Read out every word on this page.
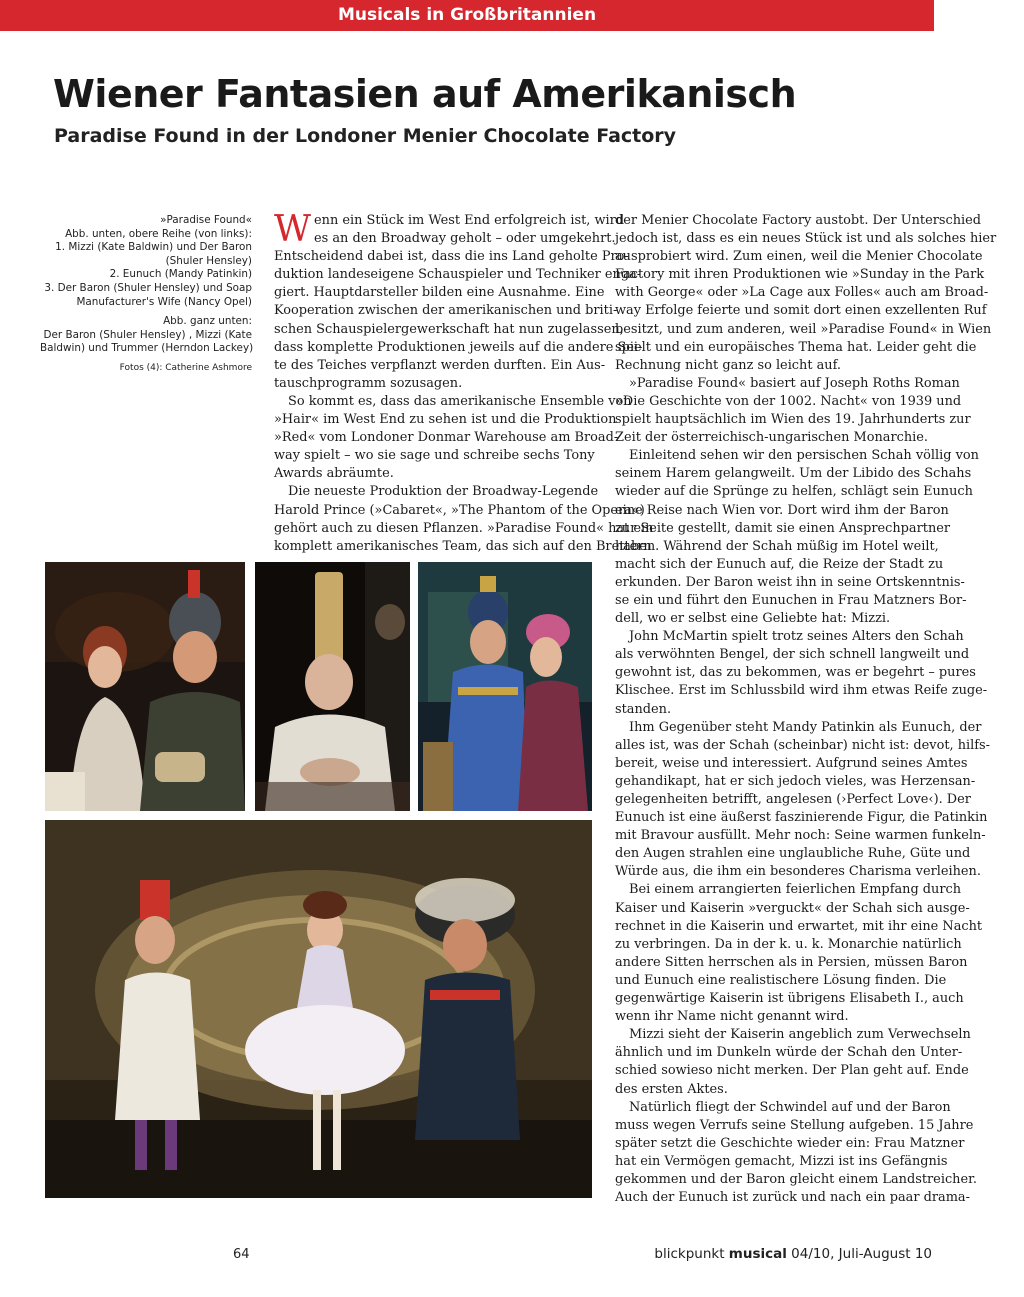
Musicals in Großbritannien
Wiener Fantasien auf Amerikanisch
Paradise Found in der Londoner Menier Chocolate Factory
»Paradise Found«
Abb. unten, obere Reihe (von links):
1. Mizzi (Kate Baldwin) und Der Baron
(Shuler Hensley)
2. Eunuch (Mandy Patinkin)
3. Der Baron (Shuler Hensley) und Soap
Manufacturer's Wife (Nancy Opel)
Abb. ganz unten:
Der Baron (Shuler Hensley) , Mizzi (Kate
Baldwin) und Trummer (Herndon Lackey)
Fotos (4): Catherine Ashmore
W enn ein Stück im West End erfolgreich ist, wird
es an den Broadway geholt – oder umgekehrt.
Entscheidend dabei ist, dass die ins Land geholte Pro-
duktion landeseigene Schauspieler und Techniker enga-
giert. Hauptdarsteller bilden eine Ausnahme. Eine
Kooperation zwischen der amerikanischen und briti-
schen Schauspielergewerkschaft hat nun zugelassen,
dass komplette Produktionen jeweils auf die andere Sei-
te des Teiches verpflanzt werden durften. Ein Aus-
tauschprogramm sozusagen.
So kommt es, dass das amerikanische Ensemble von
»Hair« im West End zu sehen ist und die Produktion
»Red« vom Londoner Donmar Warehouse am Broad-
way spielt – wo sie sage und schreibe sechs Tony
Awards abräumte.
Die neueste Produktion der Broadway-Legende
Harold Prince (»Cabaret«, »The Phantom of the Opera«)
gehört auch zu diesen Pflanzen. »Paradise Found« hat ein
komplett amerikanisches Team, das sich auf den Brettern
der Menier Chocolate Factory austobt. Der Unterschied
jedoch ist, dass es ein neues Stück ist und als solches hier
ausprobiert wird. Zum einen, weil die Menier Chocolate
Factory mit ihren Produktionen wie »Sunday in the Park
with George« oder »La Cage aux Folles« auch am Broad-
way Erfolge feierte und somit dort einen exzellenten Ruf
besitzt, und zum anderen, weil »Paradise Found« in Wien
spielt und ein europäisches Thema hat. Leider geht die
Rechnung nicht ganz so leicht auf.
»Paradise Found« basiert auf Joseph Roths Roman
»Die Geschichte von der 1002. Nacht« von 1939 und
spielt hauptsächlich im Wien des 19. Jahrhunderts zur
Zeit der österreichisch-ungarischen Monarchie.
Einleitend sehen wir den persischen Schah völlig von
seinem Harem gelangweilt. Um der Libido des Schahs
wieder auf die Sprünge zu helfen, schlägt sein Eunuch
eine Reise nach Wien vor. Dort wird ihm der Baron
zur Seite gestellt, damit sie einen Ansprechpartner
haben. Während der Schah müßig im Hotel weilt,
macht sich der Eunuch auf, die Reize der Stadt zu
erkunden. Der Baron weist ihn in seine Ortskenntnis-
se ein und führt den Eunuchen in Frau Matzners Bor-
dell, wo er selbst eine Geliebte hat: Mizzi.
John McMartin spielt trotz seines Alters den Schah
als verwöhnten Bengel, der sich schnell langweilt und
gewohnt ist, das zu bekommen, was er begehrt – pures
Klischee. Erst im Schlussbild wird ihm etwas Reife zuge-
standen.
Ihm Gegenüber steht Mandy Patinkin als Eunuch, der
alles ist, was der Schah (scheinbar) nicht ist: devot, hilfs-
bereit, weise und interessiert. Aufgrund seines Amtes
gehandikapt, hat er sich jedoch vieles, was Herzensan-
gelegenheiten betrifft, angelesen (›Perfect Love‹). Der
Eunuch ist eine äußerst faszinierende Figur, die Patinkin
mit Bravour ausfüllt. Mehr noch: Seine warmen funkeln-
den Augen strahlen eine unglaubliche Ruhe, Güte und
Würde aus, die ihm ein besonderes Charisma verleihen.
Bei einem arrangierten feierlichen Empfang durch
Kaiser und Kaiserin »verguckt« der Schah sich ausge-
rechnet in die Kaiserin und erwartet, mit ihr eine Nacht
zu verbringen. Da in der k. u. k. Monarchie natürlich
andere Sitten herrschen als in Persien, müssen Baron
und Eunuch eine realistischere Lösung finden. Die
gegenwärtige Kaiserin ist übrigens Elisabeth I., auch
wenn ihr Name nicht genannt wird.
Mizzi sieht der Kaiserin angeblich zum Verwechseln
ähnlich und im Dunkeln würde der Schah den Unter-
schied sowieso nicht merken. Der Plan geht auf. Ende
des ersten Aktes.
Natürlich fliegt der Schwindel auf und der Baron
muss wegen Verrufs seine Stellung aufgeben. 15 Jahre
später setzt die Geschichte wieder ein: Frau Matzner
hat ein Vermögen gemacht, Mizzi ist ins Gefängnis
gekommen und der Baron gleicht einem Landstreicher.
Auch der Eunuch ist zurück und nach ein paar drama-
64	blickpunkt musical 04/10, Juli-August 10
